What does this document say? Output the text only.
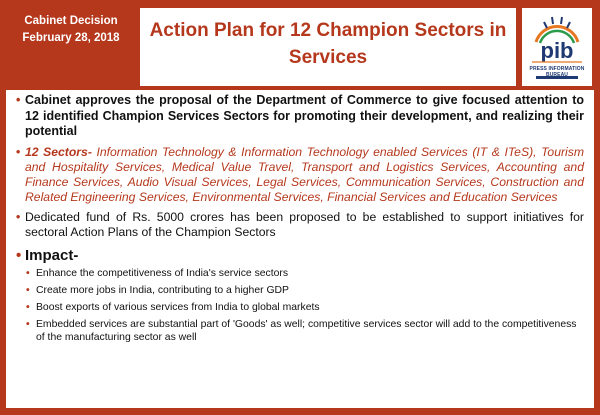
Cabinet Decision
February 28, 2018	Action Plan for 12 Champion Sectors in Services	pib
PRESS INFORMATION BUREAU
• Cabinet approves the proposal of the Department of Commerce to give focused attention to 12 identified Champion Services Sectors for promoting their development, and realizing their potential
• 12 Sectors- Information Technology & Information Technology enabled Services (IT & ITeS), Tourism and Hospitality Services, Medical Value Travel, Transport and Logistics Services, Accounting and Finance Services, Audio Visual Services, Legal Services, Communication Services, Construction and Related Engineering Services, Environmental Services, Financial Services and Education Services
• Dedicated fund of Rs. 5000 crores has been proposed to be established to support initiatives for sectoral Action Plans of the Champion Sectors
• Impact-
• Enhance the competitiveness of India's service sectors
• Create more jobs in India, contributing to a higher GDP
• Boost exports of various services from India to global markets
• Embedded services are substantial part of 'Goods' as well; competitive services sector will add to the competitiveness of the manufacturing sector as well
